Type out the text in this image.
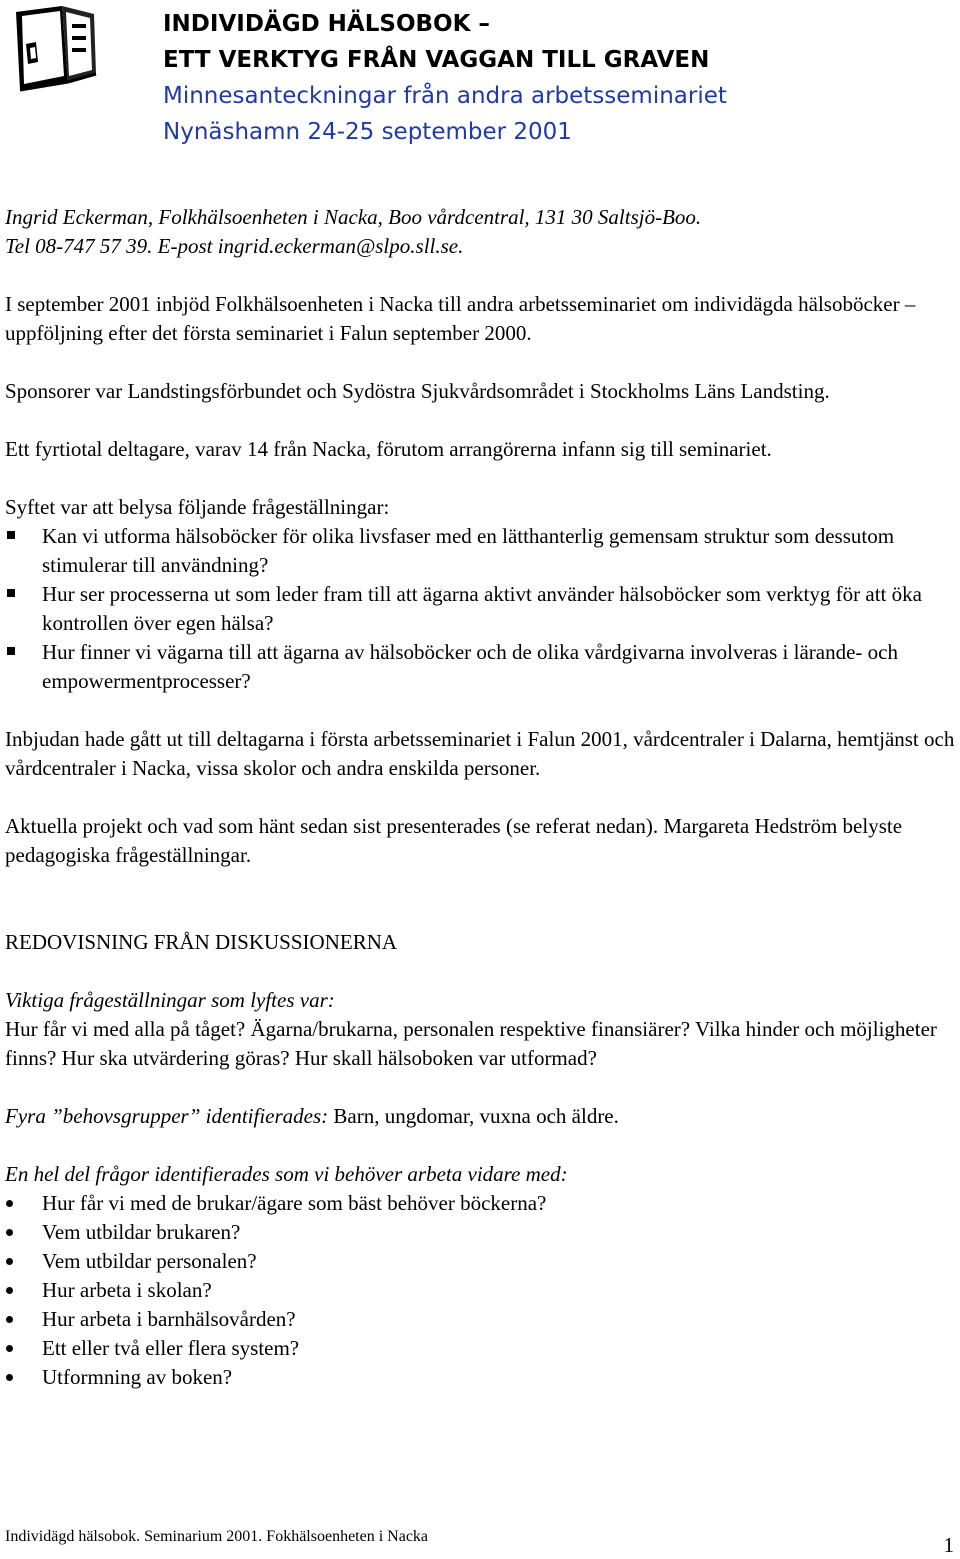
INDIVIDÄGD HÄLSOBOK –
ETT VERKTYG FRÅN VAGGAN TILL GRAVEN
Minnesanteckningar från andra arbetsseminariet
Nynäshamn 24-25 september 2001

Ingrid Eckerman, Folkhälsoenheten i Nacka, Boo vårdcentral, 131 30 Saltsjö-Boo.

Tel 08-747 57 39. E-post ingrid.eckerman@slpo.sll.se.

I september 2001 inbjöd Folkhälsoenheten i Nacka till andra arbetsseminariet om individägda hälsoböcker – uppföljning efter det första seminariet i Falun september 2000.

Sponsorer var Landstingsförbundet och Sydöstra Sjukvårdsområdet i Stockholms Läns Landsting.

Ett fyrtiotal deltagare, varav 14 från Nacka, förutom arrangörerna infann sig till seminariet.

Syftet var att belysa följande frågeställningar:

Kan vi utforma hälsoböcker för olika livsfaser med en lätthanterlig gemensam struktur som dessutom stimulerar till användning?
Hur ser processerna ut som leder fram till att ägarna aktivt använder hälsoböcker som verktyg för att öka kontrollen över egen hälsa?
Hur finner vi vägarna till att ägarna av hälsoböcker och de olika vårdgivarna involveras i lärande- och empowermentprocesser?

Inbjudan hade gått ut till deltagarna i första arbetsseminariet i Falun 2001, vårdcentraler i Dalarna, hemtjänst och vårdcentraler i Nacka, vissa skolor och andra enskilda personer.

Aktuella projekt och vad som hänt sedan sist presenterades (se referat nedan). Margareta Hedström belyste pedagogiska frågeställningar.

REDOVISNING FRÅN DISKUSSIONERNA

Viktiga frågeställningar som lyftes var:

Hur får vi med alla på tåget? Ägarna/brukarna, personalen respektive finansiärer? Vilka hinder och möjligheter finns? Hur ska utvärdering göras? Hur skall hälsoboken var utformad?

Fyra ”behovsgrupper” identifierades: Barn, ungdomar, vuxna och äldre.

En hel del frågor identifierades som vi behöver arbeta vidare med:

Hur får vi med de brukar/ägare som bäst behöver böckerna?
Vem utbildar brukaren?
Vem utbildar personalen?
Hur arbeta i skolan?
Hur arbeta i barnhälsovården?
Ett eller två eller flera system?
Utformning av boken?
Individägd hälsobok. Seminarium 2001. Fokhälsoenheten i Nacka	1
